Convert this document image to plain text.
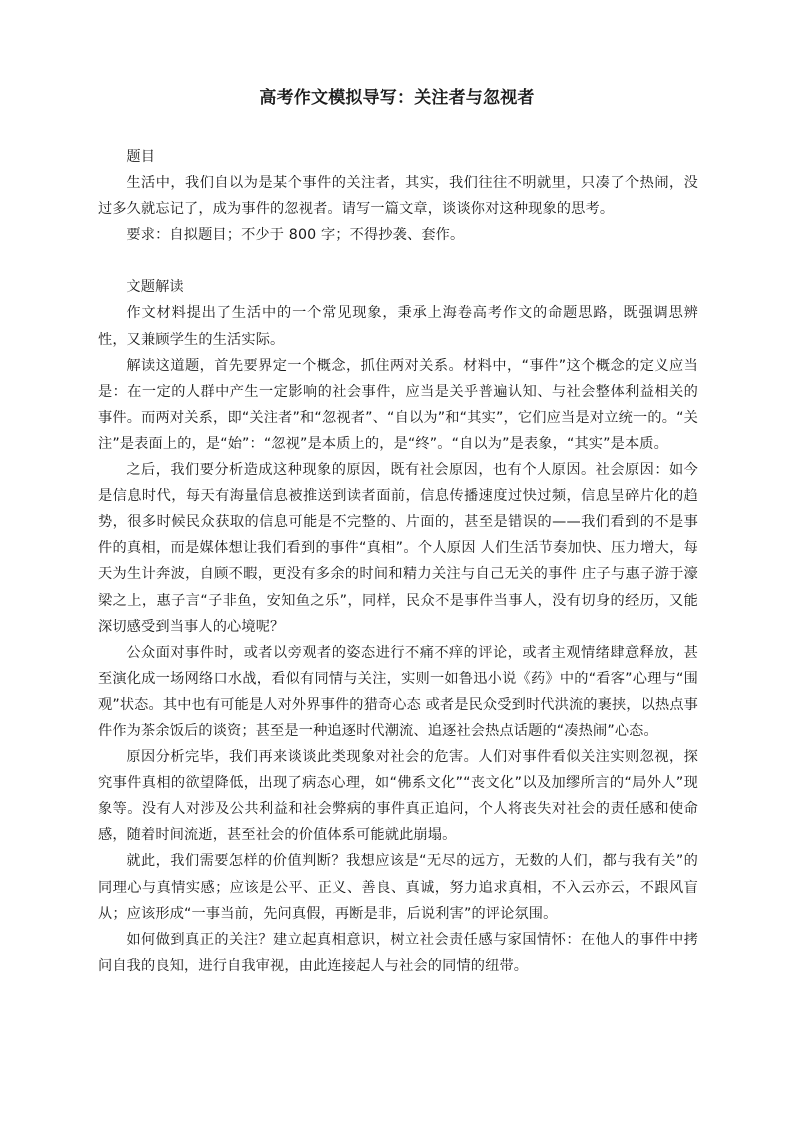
高考作文模拟导写：关注者与忽视者

题目

生活中，我们自以为是某个事件的关注者，其实，我们往往不明就里，只凑了个热闹，没过多久就忘记了，成为事件的忽视者。请写一篇文章，谈谈你对这种现象的思考。

要求：自拟题目；不少于 800 字；不得抄袭、套作。

文题解读

作文材料提出了生活中的一个常见现象，秉承上海卷高考作文的命题思路，既强调思辨性，又兼顾学生的生活实际。

解读这道题，首先要界定一个概念，抓住两对关系。材料中，“事件”这个概念的定义应当是：在一定的人群中产生一定影响的社会事件，应当是关乎普遍认知、与社会整体利益相关的事件。而两对关系，即“关注者”和“忽视者”、“自以为”和“其实”，它们应当是对立统一的。“关注”是表面上的，是“始”：“忽视”是本质上的，是“终”。“自以为”是表象，“其实”是本质。

之后，我们要分析造成这种现象的原因，既有社会原因，也有个人原因。社会原因：如今是信息时代，每天有海量信息被推送到读者面前，信息传播速度过快过频，信息呈碎片化的趋势，很多时候民众获取的信息可能是不完整的、片面的，甚至是错误的——我们看到的不是事件的真相，而是媒体想让我们看到的事件“真相”。个人原因 人们生活节奏加快、压力增大，每天为生计奔波，自顾不暇，更没有多余的时间和精力关注与自己无关的事件 庄子与惠子游于濠梁之上，惠子言“子非鱼，安知鱼之乐”，同样，民众不是事件当事人，没有切身的经历，又能深切感受到当事人的心境呢？

公众面对事件时，或者以旁观者的姿态进行不痛不痒的评论，或者主观情绪肆意释放，甚至演化成一场网络口水战，看似有同情与关注，实则一如鲁迅小说《药》中的“看客”心理与“围观”状态。其中也有可能是人对外界事件的猎奇心态 或者是民众受到时代洪流的裹挟，以热点事件作为茶余饭后的谈资；甚至是一种追逐时代潮流、追逐社会热点话题的“凑热闹”心态。

原因分析完毕，我们再来谈谈此类现象对社会的危害。人们对事件看似关注实则忽视，探究事件真相的欲望降低，出现了病态心理，如“佛系文化”“丧文化”以及加缪所言的“局外人”现象等。没有人对涉及公共利益和社会弊病的事件真正追问，个人将丧失对社会的责任感和使命感，随着时间流逝，甚至社会的价值体系可能就此崩塌。

就此，我们需要怎样的价值判断？我想应该是“无尽的远方，无数的人们，都与我有关”的同理心与真情实感；应该是公平、正义、善良、真诚，努力追求真相，不入云亦云，不跟风盲从；应该形成“一事当前，先问真假，再断是非，后说利害”的评论氛围。

如何做到真正的关注？建立起真相意识，树立社会责任感与家国情怀：在他人的事件中拷问自我的良知，进行自我审视，由此连接起人与社会的同情的纽带。
